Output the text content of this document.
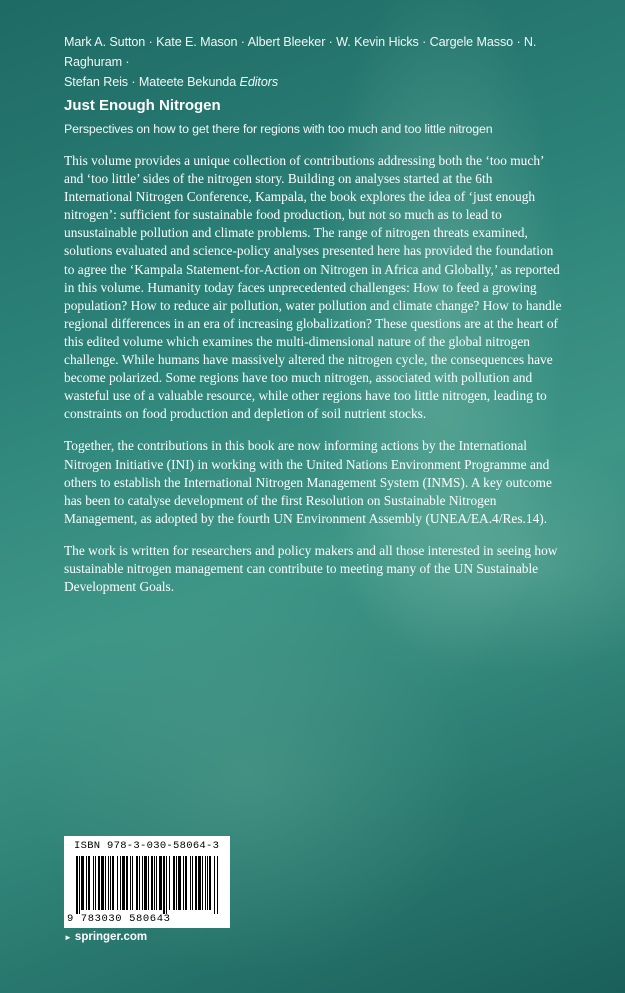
Mark A. Sutton · Kate E. Mason · Albert Bleeker · W. Kevin Hicks · Cargele Masso · N. Raghuram ·
Stefan Reis · Mateete Bekunda Editors
Just Enough Nitrogen
Perspectives on how to get there for regions with too much and too little nitrogen

This volume provides a unique collection of contributions addressing both the ‘too much’ and ‘too little’ sides of the nitrogen story. Building on analyses started at the 6th International Nitrogen Conference, Kampala, the book explores the idea of ‘just enough nitrogen’: sufficient for sustainable food production, but not so much as to lead to unsustainable pollution and climate problems. The range of nitrogen threats examined, solutions evaluated and science-policy analyses presented here has provided the foundation to agree the ‘Kampala Statement-for-Action on Nitrogen in Africa and Globally,’ as reported in this volume. Humanity today faces unprecedented challenges: How to feed a growing population? How to reduce air pollution, water pollution and climate change? How to handle regional differences in an era of increasing globalization? These questions are at the heart of this edited volume which examines the multi-dimensional nature of the global nitrogen challenge. While humans have massively altered the nitrogen cycle, the consequences have become polarized. Some regions have too much nitrogen, associated with pollution and wasteful use of a valuable resource, while other regions have too little nitrogen, leading to constraints on food production and depletion of soil nutrient stocks.

Together, the contributions in this book are now informing actions by the International Nitrogen Initiative (INI) in working with the United Nations Environment Programme and others to establish the International Nitrogen Management System (INMS). A key outcome has been to catalyse development of the first Resolution on Sustainable Nitrogen Management, as adopted by the fourth UN Environment Assembly (UNEA/EA.4/Res.14).

The work is written for researchers and policy makers and all those interested in seeing how sustainable nitrogen management can contribute to meeting many of the UN Sustainable Development Goals.

ISBN 978-3-030-58064-3
9 783030 580643
► springer.com
